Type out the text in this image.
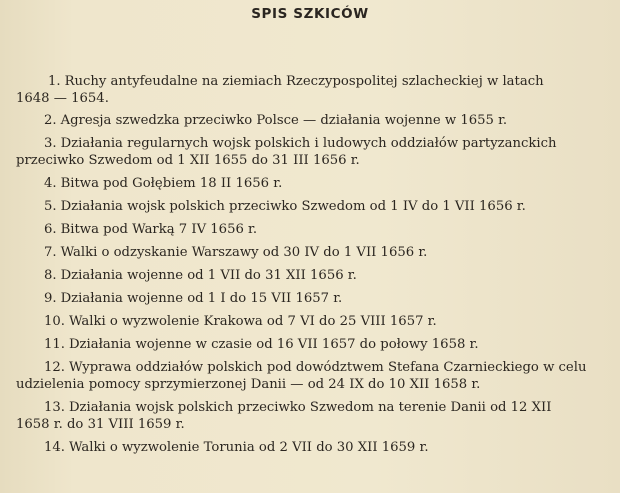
SPIS SZKICÓW
1. Ruchy antyfeudalne na ziemiach Rzeczypospolitej szlacheckiej w latach
1648 — 1654.
2. Agresja szwedzka przeciwko Polsce — działania wojenne w 1655 r.
3. Działania regularnych wojsk polskich i ludowych oddziałów partyzanckich
przeciwko Szwedom od 1 XII 1655 do 31 III 1656 r.
4. Bitwa pod Gołębiem 18 II 1656 r.
5. Działania wojsk polskich przeciwko Szwedom od 1 IV do 1 VII 1656 r.
6. Bitwa pod Warką 7 IV 1656 r.
7. Walki o odzyskanie Warszawy od 30 IV do 1 VII 1656 r.
8. Działania wojenne od 1 VII do 31 XII 1656 r.
9. Działania wojenne od 1 I do 15 VII 1657 r.
10. Walki o wyzwolenie Krakowa od 7 VI do 25 VIII 1657 r.
11. Działania wojenne w czasie od 16 VII 1657 do połowy 1658 r.
12. Wyprawa oddziałów polskich pod dowództwem Stefana Czarnieckiego w celu
udzielenia pomocy sprzymierzonej Danii — od 24 IX do 10 XII 1658 r.
13. Działania wojsk polskich przeciwko Szwedom na terenie Danii od 12 XII
1658 r. do 31 VIII 1659 r.
14. Walki o wyzwolenie Torunia od 2 VII do 30 XII 1659 r.
